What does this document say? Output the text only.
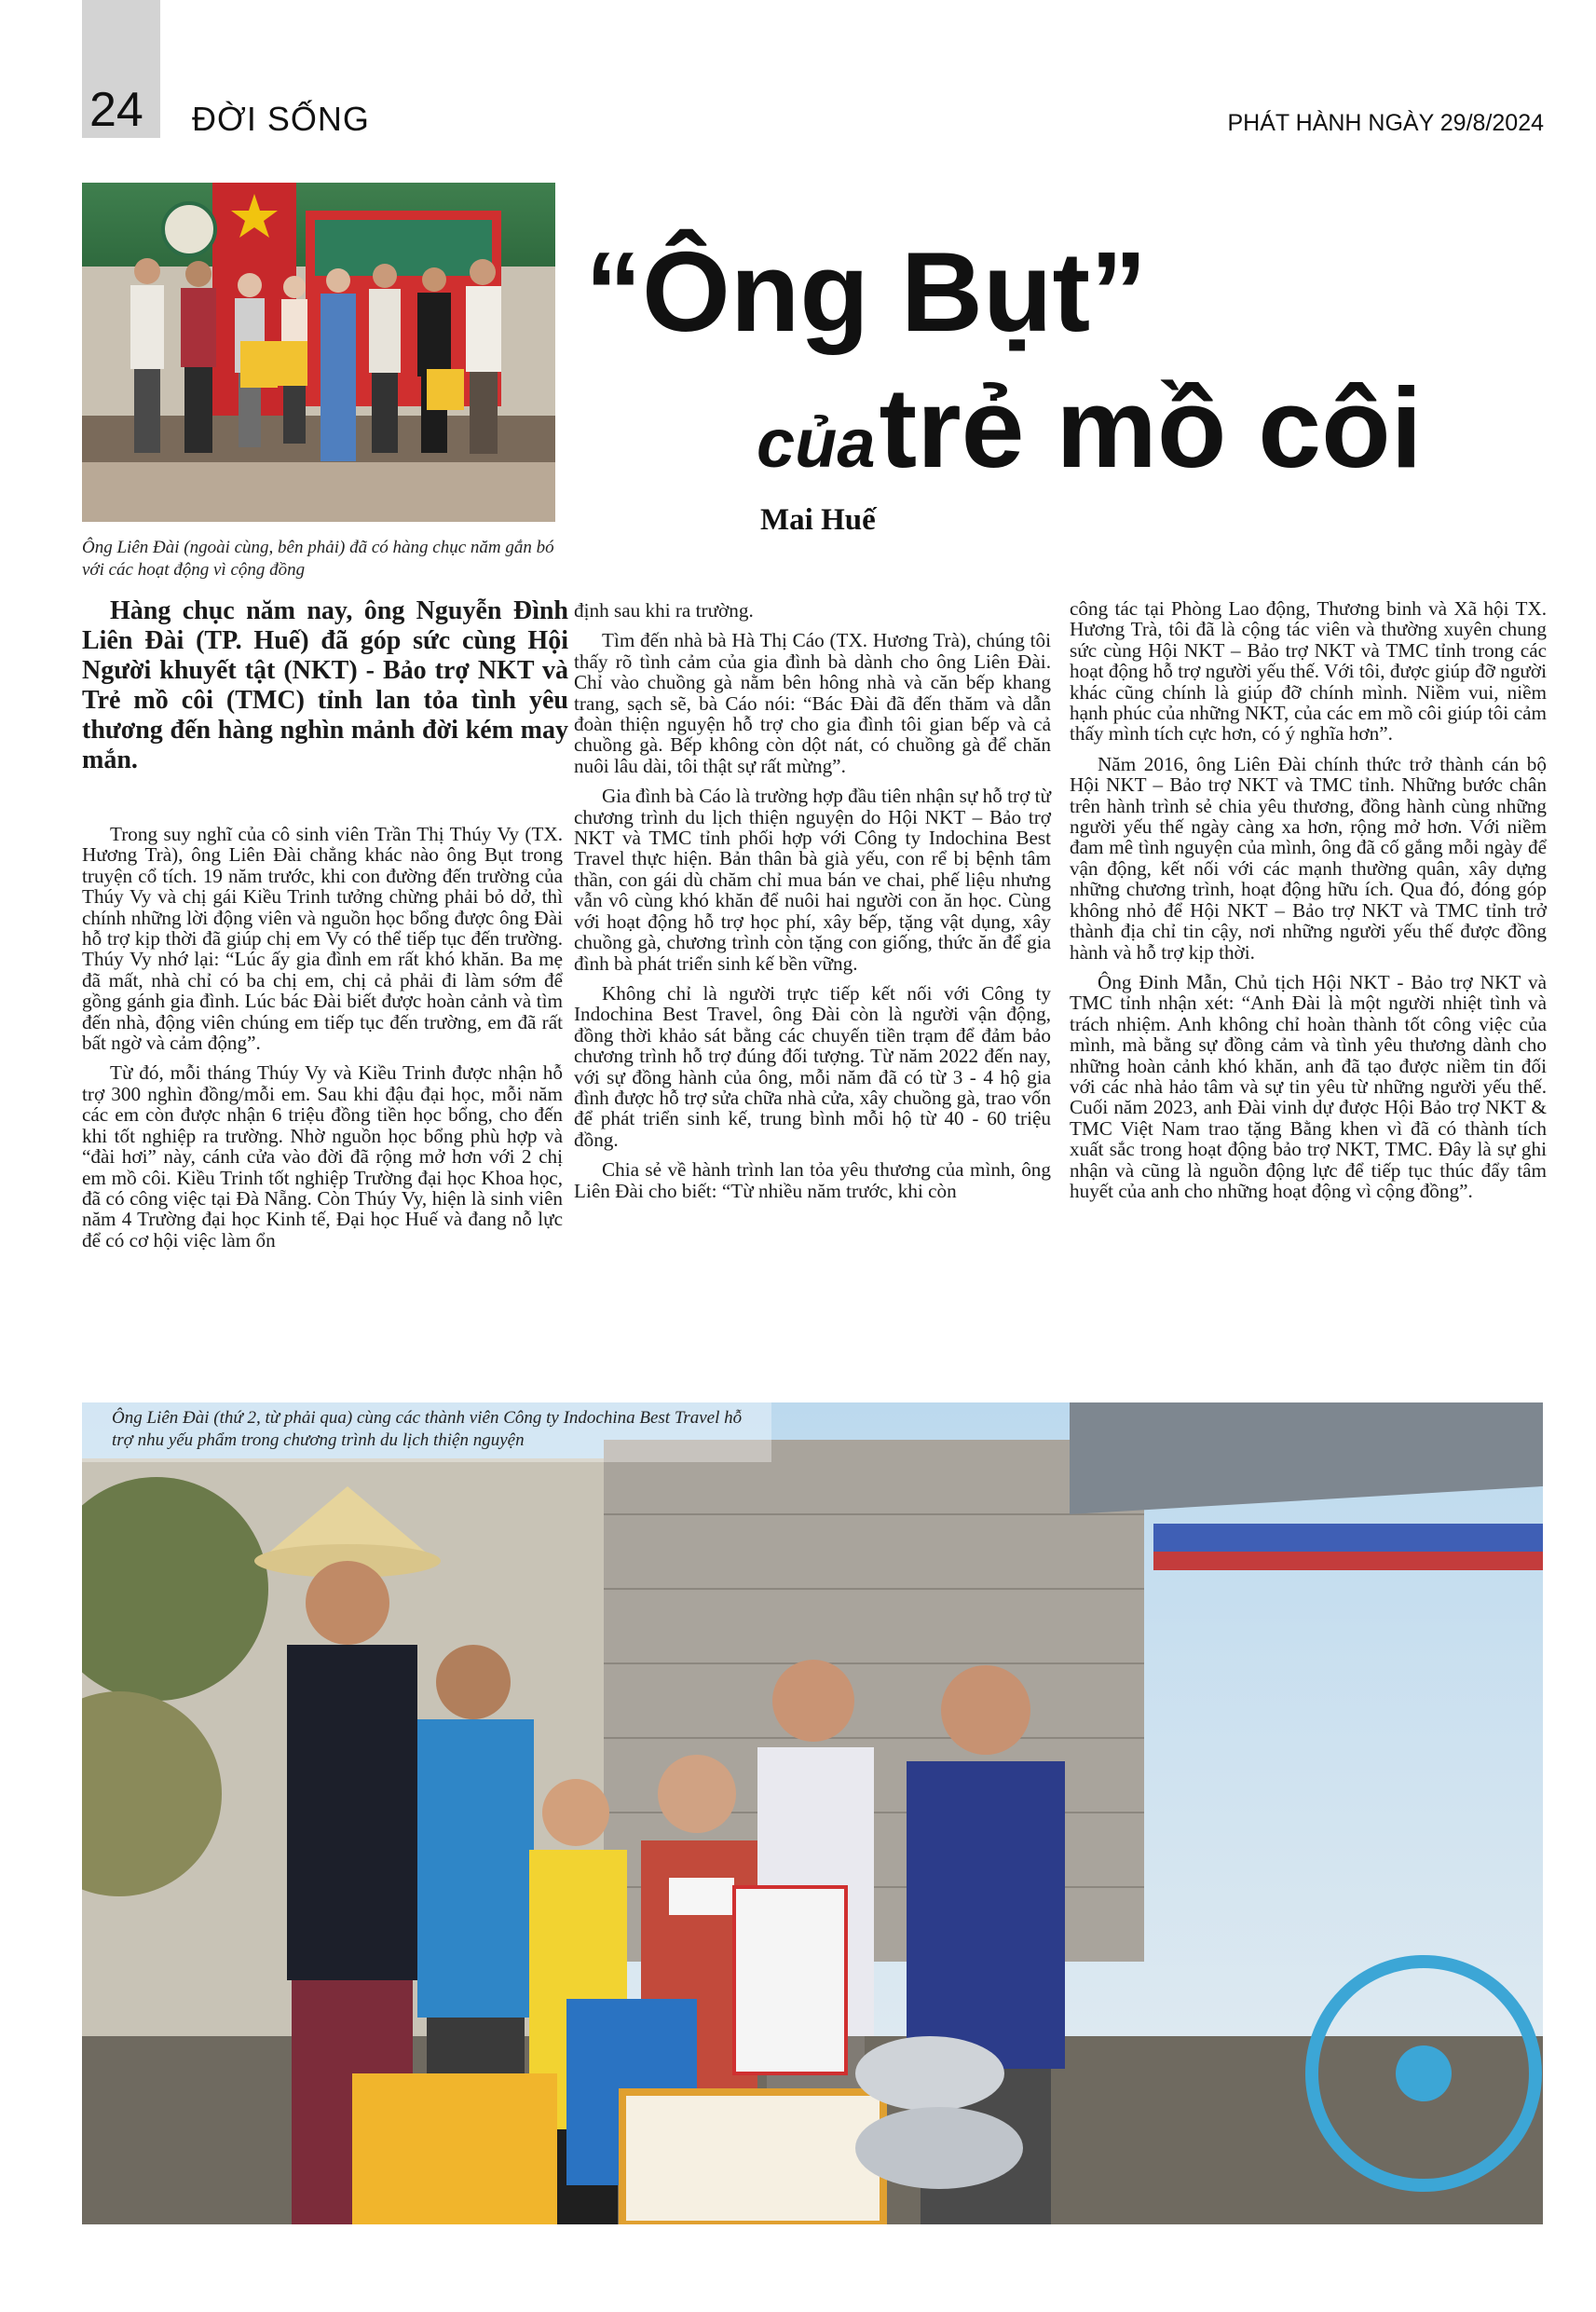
24 ĐỜI SỐNG	PHÁT HÀNH NGÀY 29/8/2024
Ông Liên Đài (ngoài cùng, bên phải) đã có hàng chục năm gắn bó với các hoạt động vì cộng đồng
“Ông Bụt”
của trẻ mồ côi
Mai Huế
Hàng chục năm nay, ông Nguyễn Đình Liên Đài (TP. Huế) đã góp sức cùng Hội Người khuyết tật (NKT) - Bảo trợ NKT và Trẻ mồ côi (TMC) tỉnh lan tỏa tình yêu thương đến hàng nghìn mảnh đời kém may mắn.

Trong suy nghĩ của cô sinh viên Trần Thị Thúy Vy (TX. Hương Trà), ông Liên Đài chẳng khác nào ông Bụt trong truyện cổ tích. 19 năm trước, khi con đường đến trường của Thúy Vy và chị gái Kiều Trinh tưởng chừng phải bỏ dở, thì chính những lời động viên và nguồn học bổng được ông Đài hỗ trợ kịp thời đã giúp chị em Vy có thể tiếp tục đến trường. Thúy Vy nhớ lại: “Lúc ấy gia đình em rất khó khăn. Ba mẹ đã mất, nhà chỉ có ba chị em, chị cả phải đi làm sớm để gồng gánh gia đình. Lúc bác Đài biết được hoàn cảnh và tìm đến nhà, động viên chúng em tiếp tục đến trường, em đã rất bất ngờ và cảm động”.

Từ đó, mỗi tháng Thúy Vy và Kiều Trinh được nhận hỗ trợ 300 nghìn đồng/mỗi em. Sau khi đậu đại học, mỗi năm các em còn được nhận 6 triệu đồng tiền học bổng, cho đến khi tốt nghiệp ra trường. Nhờ nguồn học bổng phù hợp và “đài hơi” này, cánh cửa vào đời đã rộng mở hơn với 2 chị em mồ côi. Kiều Trinh tốt nghiệp Trường đại học Khoa học, đã có công việc tại Đà Nẵng. Còn Thúy Vy, hiện là sinh viên năm 4 Trường đại học Kinh tế, Đại học Huế và đang nỗ lực để có cơ hội việc làm ổn

định sau khi ra trường.

Tìm đến nhà bà Hà Thị Cáo (TX. Hương Trà), chúng tôi thấy rõ tình cảm của gia đình bà dành cho ông Liên Đài. Chỉ vào chuồng gà nằm bên hông nhà và căn bếp khang trang, sạch sẽ, bà Cáo nói: “Bác Đài đã đến thăm và dẫn đoàn thiện nguyện hỗ trợ cho gia đình tôi gian bếp và cả chuồng gà. Bếp không còn dột nát, có chuồng gà để chăn nuôi lâu dài, tôi thật sự rất mừng”.

Gia đình bà Cáo là trường hợp đầu tiên nhận sự hỗ trợ từ chương trình du lịch thiện nguyện do Hội NKT – Bảo trợ NKT và TMC tỉnh phối hợp với Công ty Indochina Best Travel thực hiện. Bản thân bà già yếu, con rể bị bệnh tâm thần, con gái dù chăm chỉ mua bán ve chai, phế liệu nhưng vẫn vô cùng khó khăn để nuôi hai người con ăn học. Cùng với hoạt động hỗ trợ học phí, xây bếp, tặng vật dụng, xây chuồng gà, chương trình còn tặng con giống, thức ăn để gia đình bà phát triển sinh kế bền vững.

Không chỉ là người trực tiếp kết nối với Công ty Indochina Best Travel, ông Đài còn là người vận động, đồng thời khảo sát bằng các chuyến tiền trạm để đảm bảo chương trình hỗ trợ đúng đối tượng. Từ năm 2022 đến nay, với sự đồng hành của ông, mỗi năm đã có từ 3 - 4 hộ gia đình được hỗ trợ sửa chữa nhà cửa, xây chuồng gà, trao vốn để phát triển sinh kế, trung bình mỗi hộ từ 40 - 60 triệu đồng.

Chia sẻ về hành trình lan tỏa yêu thương của mình, ông Liên Đài cho biết: “Từ nhiều năm trước, khi còn

công tác tại Phòng Lao động, Thương binh và Xã hội TX. Hương Trà, tôi đã là cộng tác viên và thường xuyên chung sức cùng Hội NKT – Bảo trợ NKT và TMC tỉnh trong các hoạt động hỗ trợ người yếu thế. Với tôi, được giúp đỡ người khác cũng chính là giúp đỡ chính mình. Niềm vui, niềm hạnh phúc của những NKT, của các em mồ côi giúp tôi cảm thấy mình tích cực hơn, có ý nghĩa hơn”.

Năm 2016, ông Liên Đài chính thức trở thành cán bộ Hội NKT – Bảo trợ NKT và TMC tỉnh. Những bước chân trên hành trình sẻ chia yêu thương, đồng hành cùng những người yếu thế ngày càng xa hơn, rộng mở hơn. Với niềm đam mê tình nguyện của mình, ông đã cố gắng mỗi ngày để vận động, kết nối với các mạnh thường quân, xây dựng những chương trình, hoạt động hữu ích. Qua đó, đóng góp không nhỏ để Hội NKT – Bảo trợ NKT và TMC tỉnh trở thành địa chỉ tin cậy, nơi những người yếu thế được đồng hành và hỗ trợ kịp thời.

Ông Đinh Mẫn, Chủ tịch Hội NKT - Bảo trợ NKT và TMC tỉnh nhận xét: “Anh Đài là một người nhiệt tình và trách nhiệm. Anh không chỉ hoàn thành tốt công việc của mình, mà bằng sự đồng cảm và tình yêu thương dành cho những hoàn cảnh khó khăn, anh đã tạo được niềm tin đối với các nhà hảo tâm và sự tin yêu từ những người yếu thế. Cuối năm 2023, anh Đài vinh dự được Hội Bảo trợ NKT & TMC Việt Nam trao tặng Bằng khen vì đã có thành tích xuất sắc trong hoạt động bảo trợ NKT, TMC. Đây là sự ghi nhận và cũng là nguồn động lực để tiếp tục thúc đẩy tâm huyết của anh cho những hoạt động vì cộng đồng”.

Ông Liên Đài (thứ 2, từ phải qua) cùng các thành viên Công ty Indochina Best Travel hỗ trợ nhu yếu phẩm trong chương trình du lịch thiện nguyện
